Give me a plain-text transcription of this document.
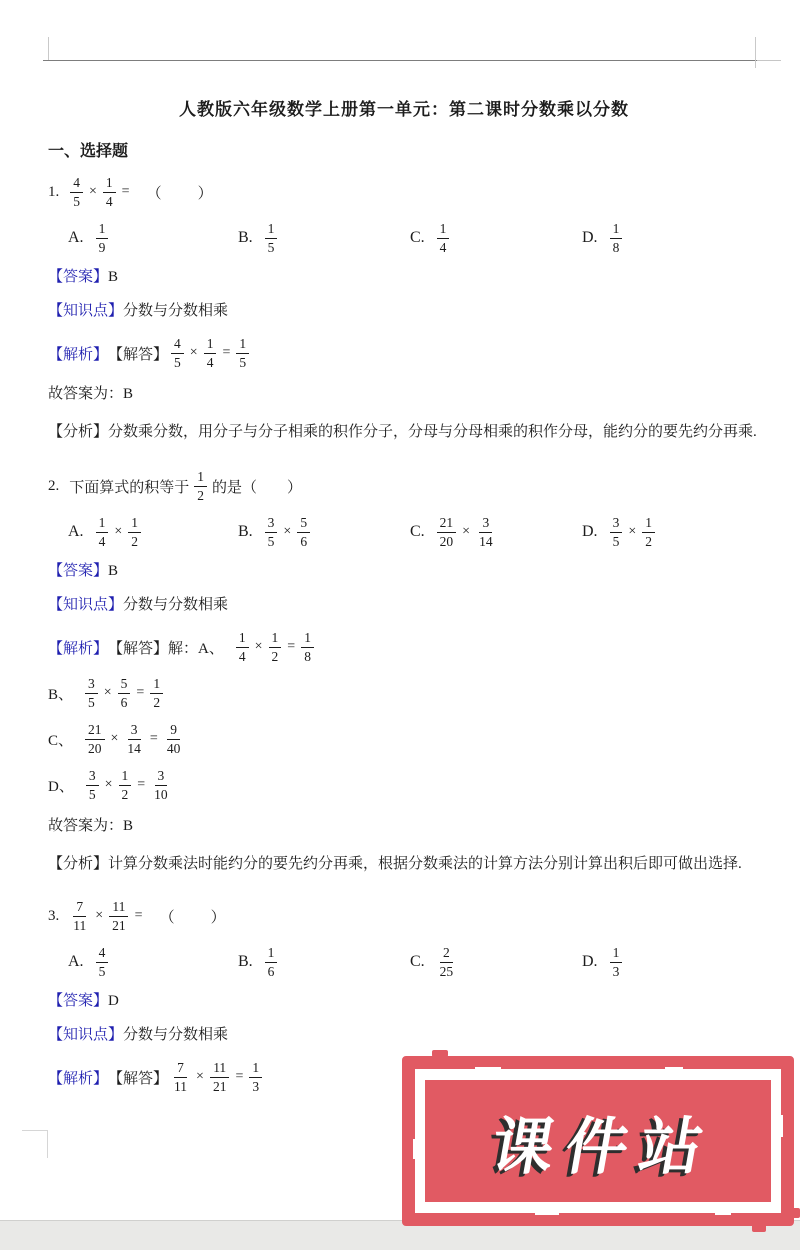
人教版六年级数学上册第一单元：第二课时分数乘以分数
一、选择题
1. $\frac{4}{5} \times \frac{1}{4}$ = （　　）
A. $\frac{1}{9}$	B. $\frac{1}{5}$	C. $\frac{1}{4}$	D. $\frac{1}{8}$
【答案】B
【知识点】分数与分数相乘
【解析】 【解答】 $\frac{4}{5} \times \frac{1}{4} = \frac{1}{5}$
故答案为：B
【分析】分数乘分数，用分子与分子相乘的积作分子，分母与分母相乘的积作分母，能约分的要先约分再乘.
2. 下面算式的积等于 $\frac{1}{2}$ 的是（　　）
A. $\frac{1}{4} \times \frac{1}{2}$	B. $\frac{3}{5} \times \frac{5}{6}$	C. $\frac{21}{20} \times \frac{3}{14}$	D. $\frac{3}{5} \times \frac{1}{2}$
【答案】B
【知识点】分数与分数相乘
【解析】 【解答】 解： A、 $\frac{1}{4} \times \frac{1}{2} = \frac{1}{8}$
B、 $\frac{3}{5} \times \frac{5}{6} = \frac{1}{2}$
C、 $\frac{21}{20} \times \frac{3}{14} = \frac{9}{40}$
D、 $\frac{3}{5} \times \frac{1}{2} = \frac{3}{10}$
故答案为：B
【分析】计算分数乘法时能约分的要先约分再乘，根据分数乘法的计算方法分别计算出积后即可做出选择.
3. $\frac{7}{11} \times \frac{11}{21}$ = （　　）
A. $\frac{4}{5}$	B. $\frac{1}{6}$	C. $\frac{2}{25}$	D. $\frac{1}{3}$
【答案】D
【知识点】分数与分数相乘
【解析】 【解答】 $\frac{7}{11} \times \frac{11}{21} = \frac{1}{3}$
课件站
